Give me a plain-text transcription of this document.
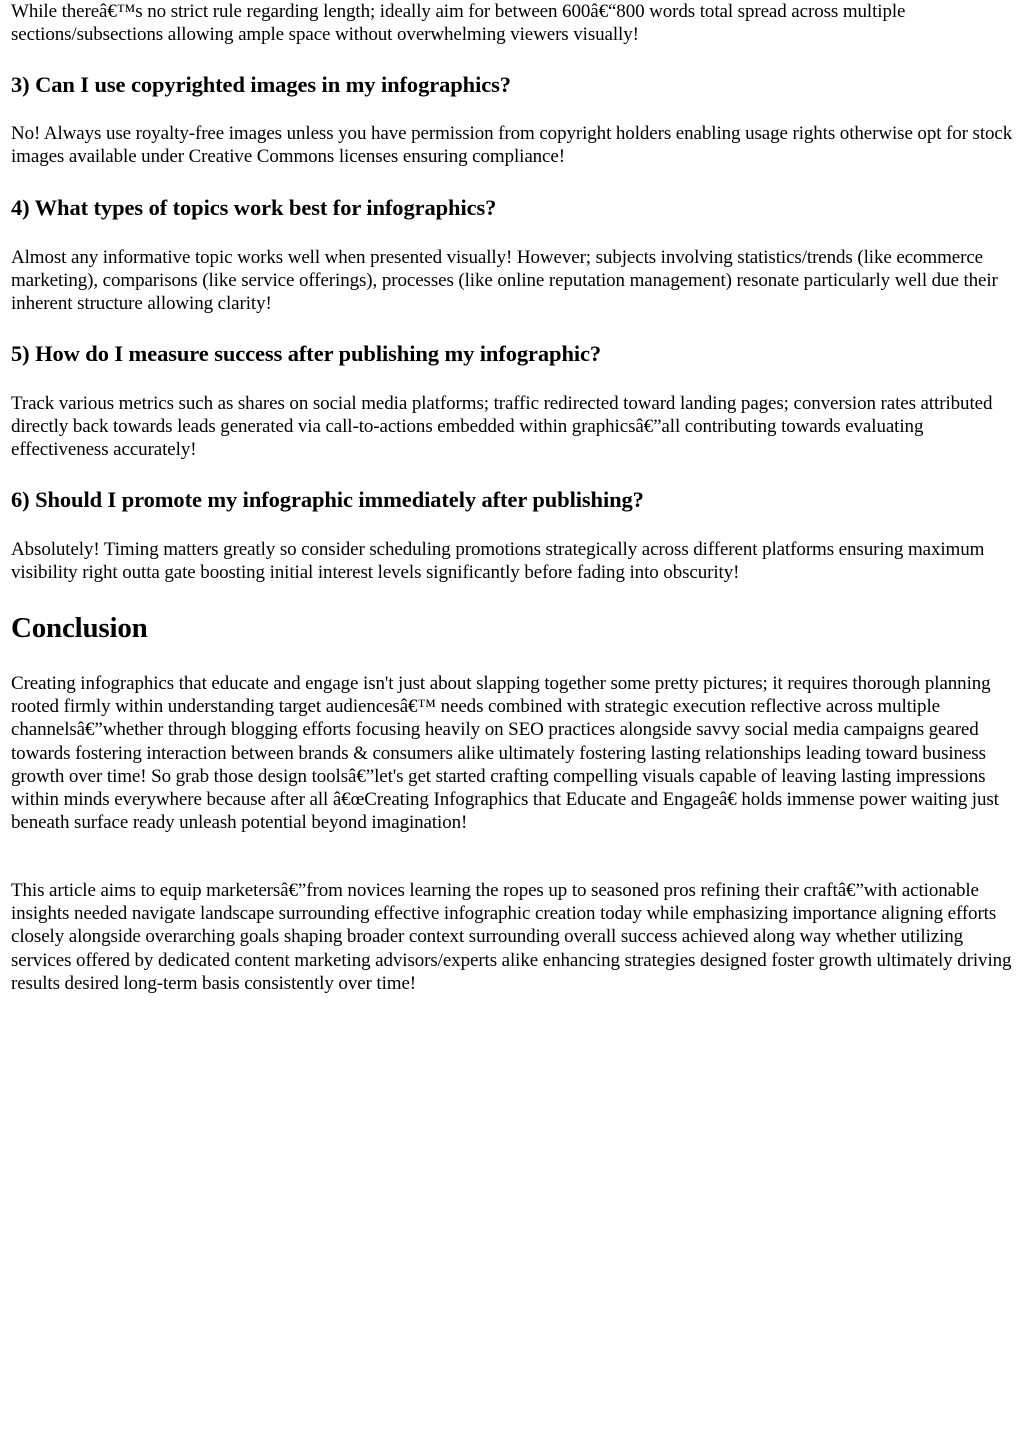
While thereâ€™s no strict rule regarding length; ideally aim for between 600â€“800 words total spread across multiple sections/subsections allowing ample space without overwhelming viewers visually!

3) Can I use copyrighted images in my infographics?

No! Always use royalty-free images unless you have permission from copyright holders enabling usage rights otherwise opt for stock images available under Creative Commons licenses ensuring compliance!

4) What types of topics work best for infographics?

Almost any informative topic works well when presented visually! However; subjects involving statistics/trends (like ecommerce marketing), comparisons (like service offerings), processes (like online reputation management) resonate particularly well due their inherent structure allowing clarity!

5) How do I measure success after publishing my infographic?

Track various metrics such as shares on social media platforms; traffic redirected toward landing pages; conversion rates attributed directly back towards leads generated via call-to-actions embedded within graphicsâ€”all contributing towards evaluating effectiveness accurately!

6) Should I promote my infographic immediately after publishing?

Absolutely! Timing matters greatly so consider scheduling promotions strategically across different platforms ensuring maximum visibility right outta gate boosting initial interest levels significantly before fading into obscurity!

Conclusion

Creating infographics that educate and engage isn't just about slapping together some pretty pictures; it requires thorough planning rooted firmly within understanding target audiencesâ€™ needs combined with strategic execution reflective across multiple channelsâ€”whether through blogging efforts focusing heavily on SEO practices alongside savvy social media campaigns geared towards fostering interaction between brands & consumers alike ultimately fostering lasting relationships leading toward business growth over time! So grab those design toolsâ€”let's get started crafting compelling visuals capable of leaving lasting impressions within minds everywhere because after all â€œCreating Infographics that Educate and Engageâ€ holds immense power waiting just beneath surface ready unleash potential beyond imagination!

This article aims to equip marketersâ€”from novices learning the ropes up to seasoned pros refining their craftâ€”with actionable insights needed navigate landscape surrounding effective infographic creation today while emphasizing importance aligning efforts closely alongside overarching goals shaping broader context surrounding overall success achieved along way whether utilizing services offered by dedicated content marketing advisors/experts alike enhancing strategies designed foster growth ultimately driving results desired long-term basis consistently over time!
